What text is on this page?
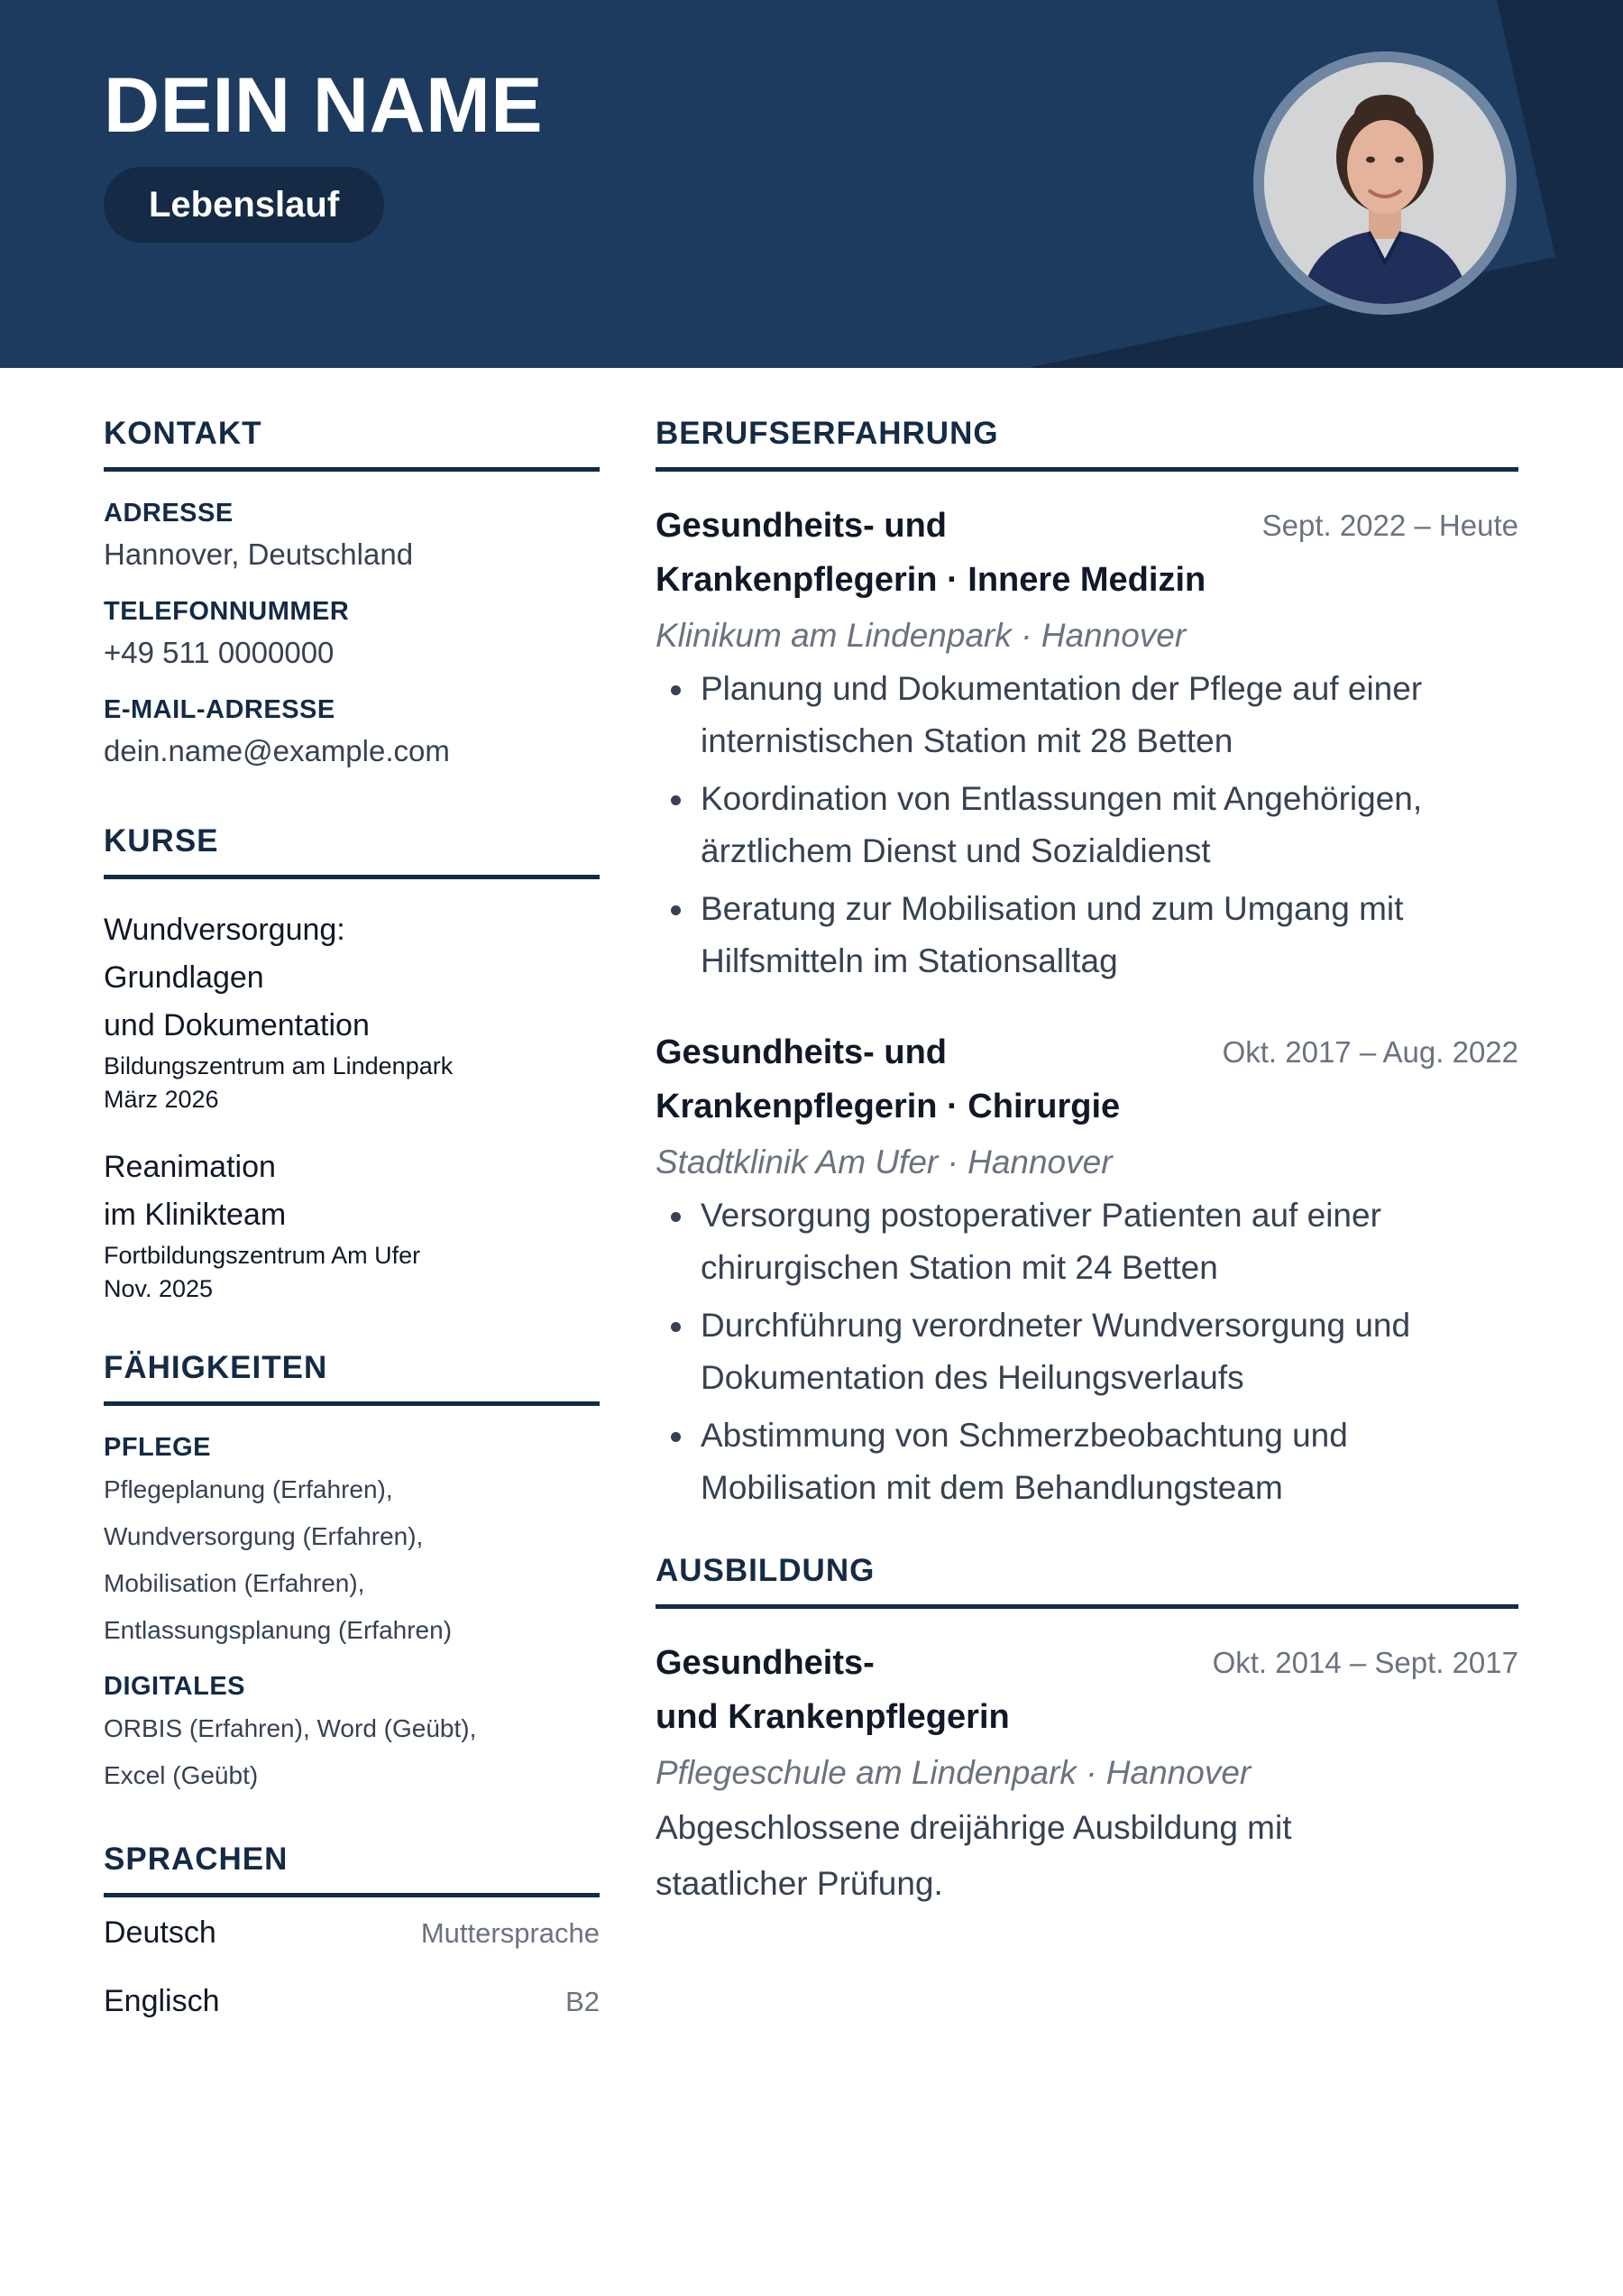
DEIN NAME
Lebenslauf
KONTAKT
ADRESSE
Hannover, Deutschland
TELEFONNUMMER
+49 511 0000000
E-MAIL-ADRESSE
dein.name@example.com
KURSE
Wundversorgung:
Grundlagen
und Dokumentation
Bildungszentrum am Lindenpark
März 2026
Reanimation
im Klinikteam
Fortbildungszentrum Am Ufer
Nov. 2025
FÄHIGKEITEN
PFLEGE
Pflegeplanung (Erfahren),
Wundversorgung (Erfahren),
Mobilisation (Erfahren),
Entlassungsplanung (Erfahren)
DIGITALES
ORBIS (Erfahren), Word (Geübt),
Excel (Geübt)
SPRACHEN
Deutsch	Muttersprache
Englisch	B2
BERUFSERFAHRUNG
Gesundheits- und
Krankenpflegerin · Innere Medizin
Sept. 2022 – Heute
Klinikum am Lindenpark · Hannover
Planung und Dokumentation der Pflege auf einer
internistischen Station mit 28 Betten
Koordination von Entlassungen mit Angehörigen,
ärztlichem Dienst und Sozialdienst
Beratung zur Mobilisation und zum Umgang mit
Hilfsmitteln im Stationsalltag
Gesundheits- und
Krankenpflegerin · Chirurgie
Okt. 2017 – Aug. 2022
Stadtklinik Am Ufer · Hannover
Versorgung postoperativer Patienten auf einer
chirurgischen Station mit 24 Betten
Durchführung verordneter Wundversorgung und
Dokumentation des Heilungsverlaufs
Abstimmung von Schmerzbeobachtung und
Mobilisation mit dem Behandlungsteam
AUSBILDUNG
Gesundheits-
und Krankenpflegerin
Okt. 2014 – Sept. 2017
Pflegeschule am Lindenpark · Hannover
Abgeschlossene dreijährige Ausbildung mit
staatlicher Prüfung.
